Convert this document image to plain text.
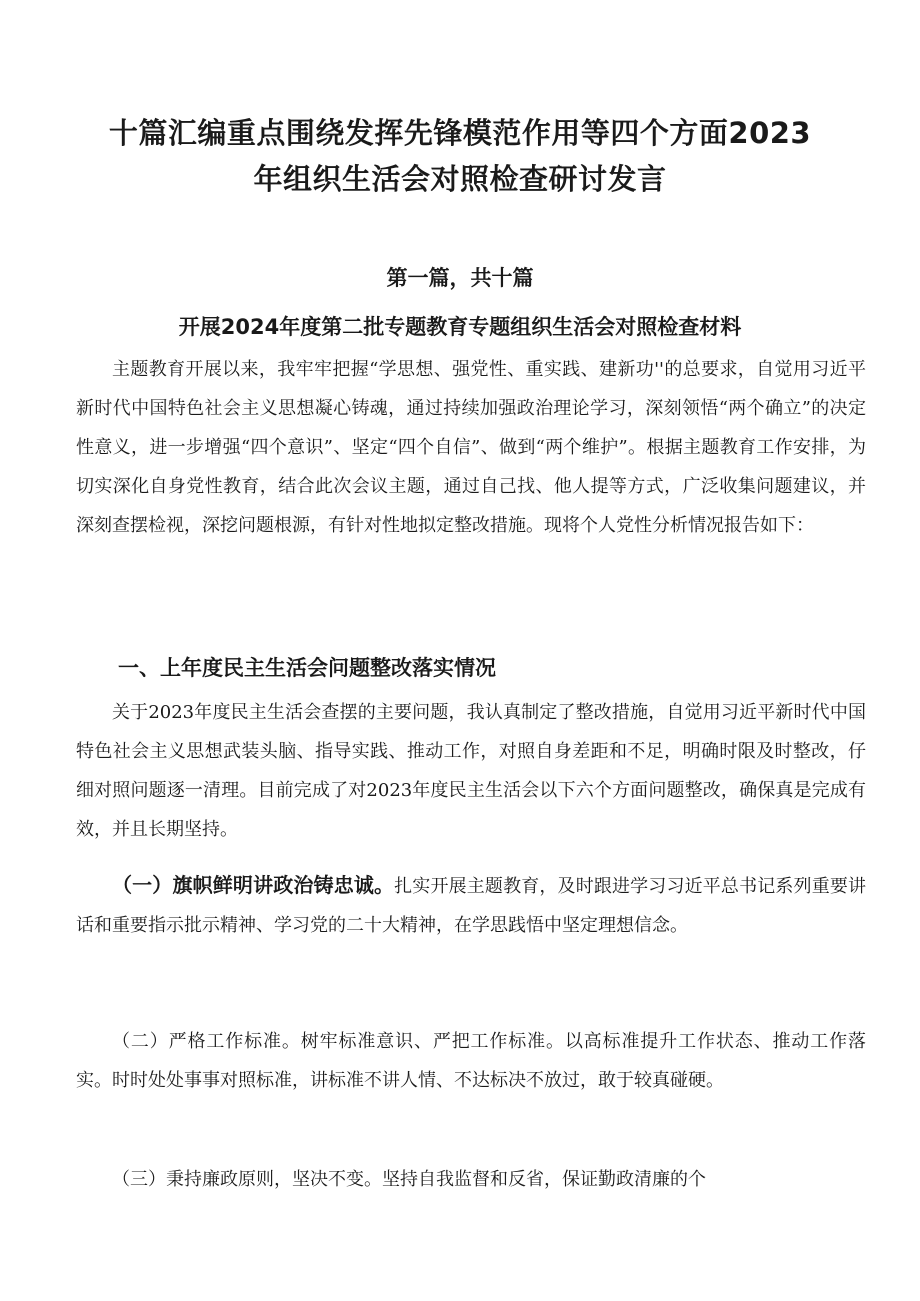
十篇汇编重点围绕发挥先锋模范作用等四个方面2023
年组织生活会对照检查研讨发言
第一篇，共十篇
开展2024年度第二批专题教育专题组织生活会对照检查材料

主题教育开展以来，我牢牢把握“学思想、强党性、重实践、建新功''的总要求，自觉用习近平新时代中国特色社会主义思想凝心铸魂，通过持续加强政治理论学习，深刻领悟“两个确立”的决定性意义，进一步增强“四个意识”、坚定“四个自信”、做到“两个维护”。根据主题教育工作安排，为切实深化自身党性教育，结合此次会议主题，通过自己找、他人提等方式，广泛收集问题建议，并深刻查摆检视，深挖问题根源，有针对性地拟定整改措施。现将个人党性分析情况报告如下：

一、上年度民主生活会问题整改落实情况

关于2023年度民主生活会查摆的主要问题，我认真制定了整改措施，自觉用习近平新时代中国特色社会主义思想武装头脑、指导实践、推动工作，对照自身差距和不足，明确时限及时整改，仔细对照问题逐一清理。目前完成了对2023年度民主生活会以下六个方面问题整改，确保真是完成有效，并且长期坚持。

（一）旗帜鲜明讲政治铸忠诚。扎实开展主题教育，及时跟进学习习近平总书记系列重要讲话和重要指示批示精神、学习党的二十大精神，在学思践悟中坚定理想信念。

（二）严格工作标准。树牢标准意识、严把工作标准。以高标准提升工作状态、推动工作落实。时时处处事事对照标准，讲标准不讲人情、不达标决不放过，敢于较真碰硬。

（三）秉持廉政原则，坚决不变。坚持自我监督和反省，保证勤政清廉的个
